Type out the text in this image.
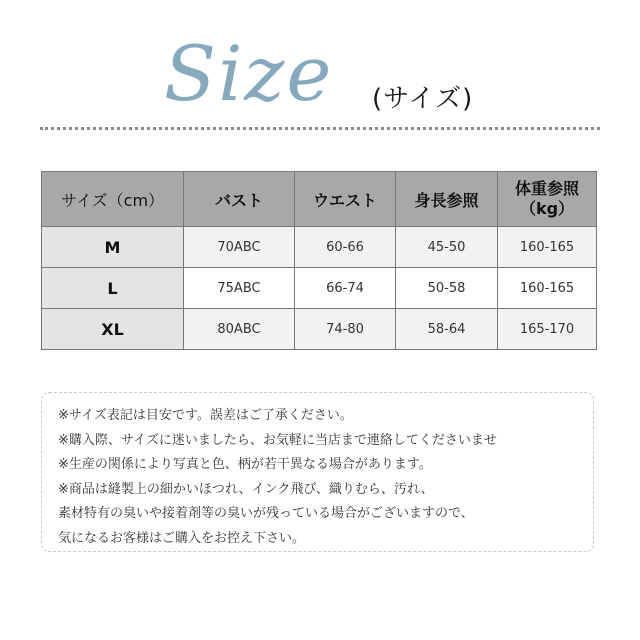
Size (サイズ)
サイズ（cm）	バスト	ウエスト	身長参照	体重参照
（kg）
M	70ABC	60-66	45-50	160-165
L	75ABC	66-74	50-58	160-165
XL	80ABC	74-80	58-64	165-170
※サイズ表記は目安です。誤差はご了承ください。
※購入際、サイズに迷いましたら、お気軽に当店まで連絡してくださいませ
※生産の関係により写真と色、柄が若干異なる場合があります。
※商品は縫製上の細かいほつれ、インク飛び、織りむら、汚れ、
素材特有の臭いや接着剤等の臭いが残っている場合がございますので、
気になるお客様はご購入をお控え下さい。
